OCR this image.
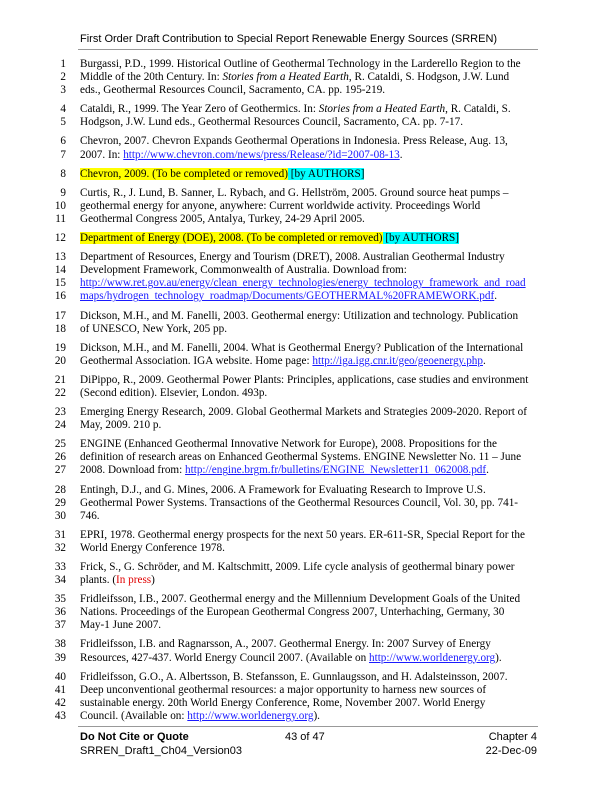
First Order Draft Contribution to Special Report Renewable Energy Sources (SRREN)
1 Burgassi, P.D., 1999. Historical Outline of Geothermal Technology in the Larderello Region to the
2 Middle of the 20th Century. In: Stories from a Heated Earth, R. Cataldi, S. Hodgson, J.W. Lund
3 eds., Geothermal Resources Council, Sacramento, CA. pp. 195-219.
4 Cataldi, R., 1999. The Year Zero of Geothermics. In: Stories from a Heated Earth, R. Cataldi, S.
5 Hodgson, J.W. Lund eds., Geothermal Resources Council, Sacramento, CA. pp. 7-17.
6 Chevron, 2007. Chevron Expands Geothermal Operations in Indonesia. Press Release, Aug. 13,
7 2007. In: http://www.chevron.com/news/press/Release/?id=2007-08-13.
8 Chevron, 2009. (To be completed or removed) [by AUTHORS]
9 Curtis, R., J. Lund, B. Sanner, L. Rybach, and G. Hellström, 2005. Ground source heat pumps –
10 geothermal energy for anyone, anywhere: Current worldwide activity. Proceedings World
11 Geothermal Congress 2005, Antalya, Turkey, 24-29 April 2005.
12 Department of Energy (DOE), 2008. (To be completed or removed) [by AUTHORS]
13 Department of Resources, Energy and Tourism (DRET), 2008. Australian Geothermal Industry
14 Development Framework, Commonwealth of Australia. Download from:
15 http://www.ret.gov.au/energy/clean_energy_technologies/energy_technology_framework_and_road
16 maps/hydrogen_technology_roadmap/Documents/GEOTHERMAL%20FRAMEWORK.pdf.
17 Dickson, M.H., and M. Fanelli, 2003. Geothermal energy: Utilization and technology. Publication
18 of UNESCO, New York, 205 pp.
19 Dickson, M.H., and M. Fanelli, 2004. What is Geothermal Energy? Publication of the International
20 Geothermal Association. IGA website. Home page: http://iga.igg.cnr.it/geo/geoenergy.php.
21 DiPippo, R., 2009. Geothermal Power Plants: Principles, applications, case studies and environment
22 (Second edition). Elsevier, London. 493p.
23 Emerging Energy Research, 2009. Global Geothermal Markets and Strategies 2009-2020. Report of
24 May, 2009. 210 p.
25 ENGINE (Enhanced Geothermal Innovative Network for Europe), 2008. Propositions for the
26 definition of research areas on Enhanced Geothermal Systems. ENGINE Newsletter No. 11 – June
27 2008. Download from: http://engine.brgm.fr/bulletins/ENGINE_Newsletter11_062008.pdf.
28 Entingh, D.J., and G. Mines, 2006. A Framework for Evaluating Research to Improve U.S.
29 Geothermal Power Systems. Transactions of the Geothermal Resources Council, Vol. 30, pp. 741-
30 746.
31 EPRI, 1978. Geothermal energy prospects for the next 50 years. ER-611-SR, Special Report for the
32 World Energy Conference 1978.
33 Frick, S., G. Schröder, and M. Kaltschmitt, 2009. Life cycle analysis of geothermal binary power
34 plants. (In press)
35 Fridleifsson, I.B., 2007. Geothermal energy and the Millennium Development Goals of the United
36 Nations. Proceedings of the European Geothermal Congress 2007, Unterhaching, Germany, 30
37 May-1 June 2007.
38 Fridleifsson, I.B. and Ragnarsson, A., 2007. Geothermal Energy. In: 2007 Survey of Energy
39 Resources, 427-437. World Energy Council 2007. (Available on http://www.worldenergy.org).
40 Fridleifsson, G.O., A. Albertsson, B. Stefansson, E. Gunnlaugsson, and H. Adalsteinsson, 2007.
41 Deep unconventional geothermal resources: a major opportunity to harness new sources of
42 sustainable energy. 20th World Energy Conference, Rome, November 2007. World Energy
43 Council. (Available on: http://www.worldenergy.org).
Do Not Cite or Quote	43 of 47	Chapter 4
SRREN_Draft1_Ch04_Version03	22-Dec-09
